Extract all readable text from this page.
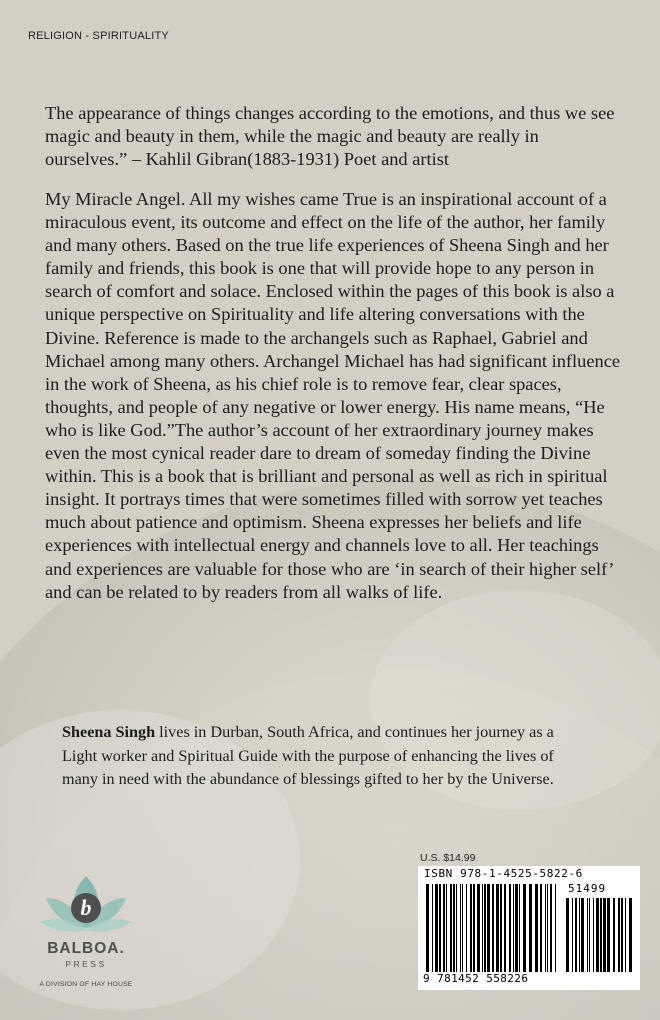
RELIGION - SPIRITUALITY

The appearance of things changes according to the emotions, and thus we see magic and beauty in them, while the magic and beauty are really in ourselves.” – Kahlil Gibran(1883-1931) Poet and artist

My Miracle Angel. All my wishes came True is an inspirational account of a miraculous event, its outcome and effect on the life of the author, her family and many others. Based on the true life experiences of Sheena Singh and her family and friends, this book is one that will provide hope to any person in search of comfort and solace. Enclosed within the pages of this book is also a unique perspective on Spirituality and life altering conversations with the Divine. Reference is made to the archangels such as Raphael, Gabriel and Michael among many others. Archangel Michael has had significant influence in the work of Sheena, as his chief role is to remove fear, clear spaces, thoughts, and people of any negative or lower energy. His name means, “He who is like God.”The author’s account of her extraordinary journey makes even the most cynical reader dare to dream of someday finding the Divine within. This is a book that is brilliant and personal as well as rich in spiritual insight. It portrays times that were sometimes filled with sorrow yet teaches much about patience and optimism. Sheena expresses her beliefs and life experiences with intellectual energy and channels love to all. Her teachings and experiences are valuable for those who are ‘in search of their higher self’ and can be related to by readers from all walks of life.

Sheena Singh lives in Durban, South Africa, and continues her journey as a Light worker and Spiritual Guide with the purpose of enhancing the lives of many in need with the abundance of blessings gifted to her by the Universe.

U.S. $14.99
ISBN 978-1-4525-5822-6
51499
9 781452 558226
b
BALBOA.
PRESS
A DIVISION OF HAY HOUSE
